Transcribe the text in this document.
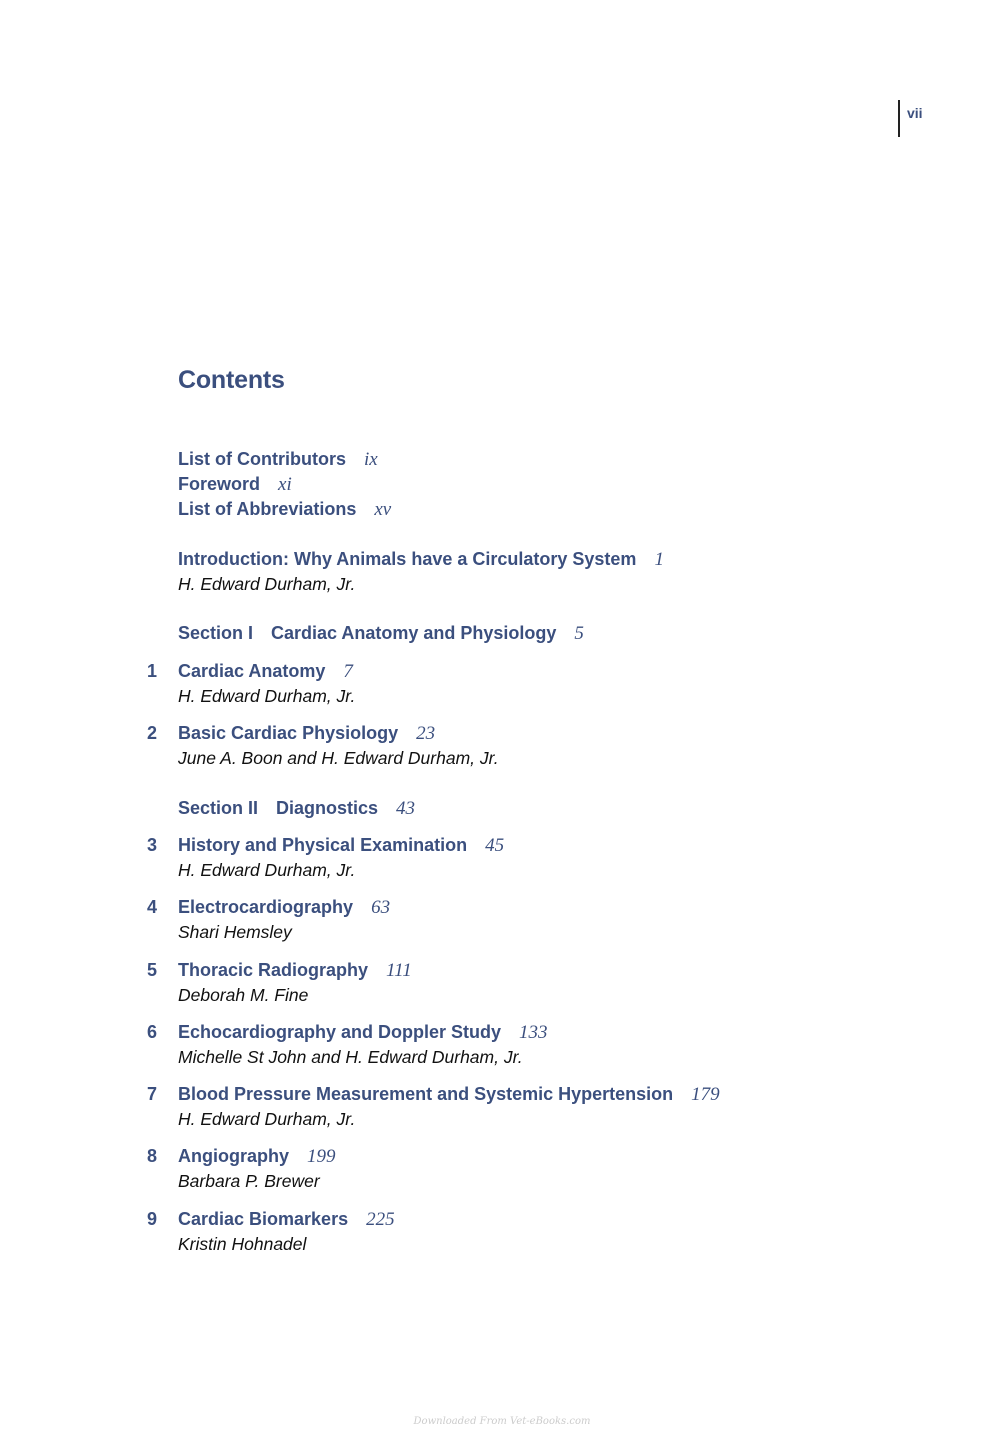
vii
Contents
List of Contributors ix
Foreword xi
List of Abbreviations xv
Introduction: Why Animals have a Circulatory System 1
H. Edward Durham, Jr.
Section I Cardiac Anatomy and Physiology 5
1 Cardiac Anatomy 7
H. Edward Durham, Jr.
2 Basic Cardiac Physiology 23
June A. Boon and H. Edward Durham, Jr.
Section II Diagnostics 43
3 History and Physical Examination 45
H. Edward Durham, Jr.
4 Electrocardiography 63
Shari Hemsley
5 Thoracic Radiography 111
Deborah M. Fine
6 Echocardiography and Doppler Study 133
Michelle St John and H. Edward Durham, Jr.
7 Blood Pressure Measurement and Systemic Hypertension 179
H. Edward Durham, Jr.
8 Angiography 199
Barbara P. Brewer
9 Cardiac Biomarkers 225
Kristin Hohnadel
Downloaded From Vet-eBooks.com
